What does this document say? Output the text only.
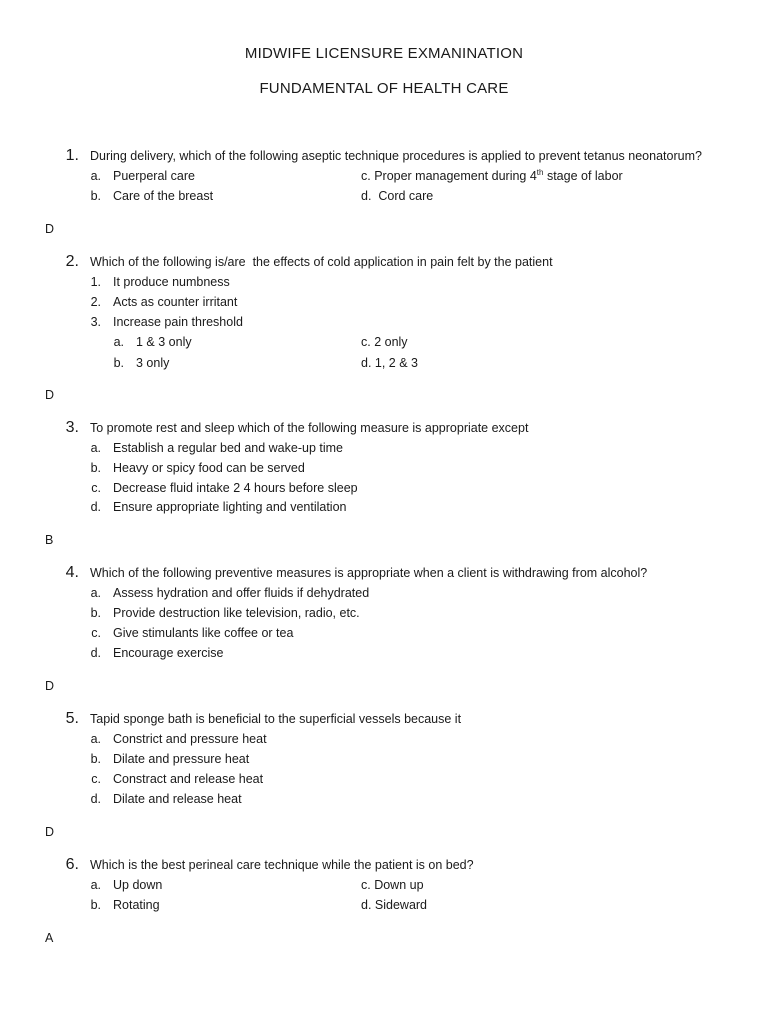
MIDWIFE LICENSURE EXMANINATION
FUNDAMENTAL OF HEALTH CARE
1. During delivery, which of the following aseptic technique procedures is applied to prevent tetanus neonatorum?
a. Puerperal care	c. Proper management during 4th stage of labor
b. Care of the breast	d.  Cord care
D
2. Which of the following is/are  the effects of cold application in pain felt by the patient
1. It produce numbness
2. Acts as counter irritant
3. Increase pain threshold
a. 1 & 3 only	c. 2 only
b. 3 only	d. 1, 2 & 3
D
3. To promote rest and sleep which of the following measure is appropriate except
a. Establish a regular bed and wake-up time
b. Heavy or spicy food can be served
c. Decrease fluid intake 2 4 hours before sleep
d. Ensure appropriate lighting and ventilation
B
4. Which of the following preventive measures is appropriate when a client is withdrawing from alcohol?
a. Assess hydration and offer fluids if dehydrated
b. Provide destruction like television, radio, etc.
c. Give stimulants like coffee or tea
d. Encourage exercise
D
5. Tapid sponge bath is beneficial to the superficial vessels because it
a. Constrict and pressure heat
b. Dilate and pressure heat
c. Constract and release heat
d. Dilate and release heat
D
6. Which is the best perineal care technique while the patient is on bed?
a. Up down	c. Down up
b. Rotating	d. Sideward
A
